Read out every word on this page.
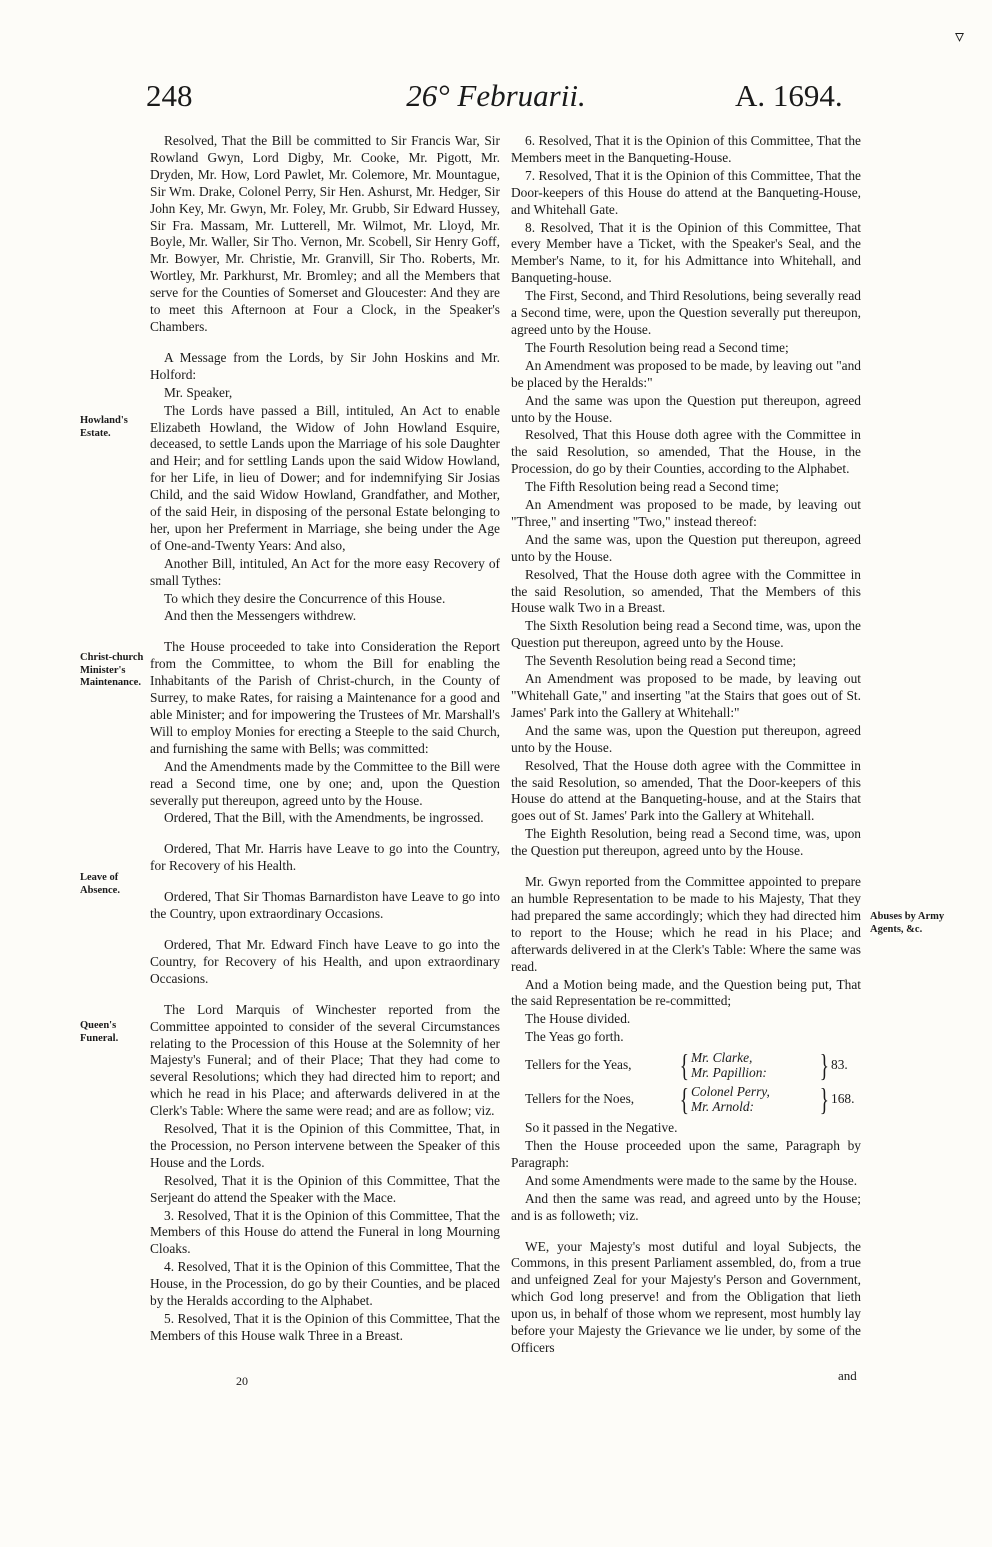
248	26° Februarii.	A. 1694.
▿
Howland's Estate.
Christ-church Minister's Maintenance.
Leave of Absence.
Queen's Funeral.
Abuses by Army Agents, &c.

Resolved, That the Bill be committed to Sir Francis War, Sir Rowland Gwyn, Lord Digby, Mr. Cooke, Mr. Pigott, Mr. Dryden, Mr. How, Lord Pawlet, Mr. Colemore, Mr. Mountague, Sir Wm. Drake, Colonel Perry, Sir Hen. Ashurst, Mr. Hedger, Sir John Key, Mr. Gwyn, Mr. Foley, Mr. Grubb, Sir Edward Hussey, Sir Fra. Massam, Mr. Lutterell, Mr. Wilmot, Mr. Lloyd, Mr. Boyle, Mr. Waller, Sir Tho. Vernon, Mr. Scobell, Sir Henry Goff, Mr. Bowyer, Mr. Christie, Mr. Granvill, Sir Tho. Roberts, Mr. Wortley, Mr. Parkhurst, Mr. Bromley; and all the Members that serve for the Counties of Somerset and Gloucester: And they are to meet this Afternoon at Four a Clock, in the Speaker's Chambers.

A Message from the Lords, by Sir John Hoskins and Mr. Holford:

Mr. Speaker,

The Lords have passed a Bill, intituled, An Act to enable Elizabeth Howland, the Widow of John Howland Esquire, deceased, to settle Lands upon the Marriage of his sole Daughter and Heir; and for settling Lands upon the said Widow Howland, for her Life, in lieu of Dower; and for indemnifying Sir Josias Child, and the said Widow Howland, Grandfather, and Mother, of the said Heir, in disposing of the personal Estate belonging to her, upon her Preferment in Marriage, she being under the Age of One-and-Twenty Years: And also,

Another Bill, intituled, An Act for the more easy Recovery of small Tythes:

To which they desire the Concurrence of this House.

And then the Messengers withdrew.

The House proceeded to take into Consideration the Report from the Committee, to whom the Bill for enabling the Inhabitants of the Parish of Christ-church, in the County of Surrey, to make Rates, for raising a Maintenance for a good and able Minister; and for impowering the Trustees of Mr. Marshall's Will to employ Monies for erecting a Steeple to the said Church, and furnishing the same with Bells; was committed:

And the Amendments made by the Committee to the Bill were read a Second time, one by one; and, upon the Question severally put thereupon, agreed unto by the House.

Ordered, That the Bill, with the Amendments, be ingrossed.

Ordered, That Mr. Harris have Leave to go into the Country, for Recovery of his Health.

Ordered, That Sir Thomas Barnardiston have Leave to go into the Country, upon extraordinary Occasions.

Ordered, That Mr. Edward Finch have Leave to go into the Country, for Recovery of his Health, and upon extraordinary Occasions.

The Lord Marquis of Winchester reported from the Committee appointed to consider of the several Circumstances relating to the Procession of this House at the Solemnity of her Majesty's Funeral; and of their Place; That they had come to several Resolutions; which they had directed him to report; and which he read in his Place; and afterwards delivered in at the Clerk's Table: Where the same were read; and are as follow; viz.

Resolved, That it is the Opinion of this Committee, That, in the Procession, no Person intervene between the Speaker of this House and the Lords.

Resolved, That it is the Opinion of this Committee, That the Serjeant do attend the Speaker with the Mace.

3. Resolved, That it is the Opinion of this Committee, That the Members of this House do attend the Funeral in long Mourning Cloaks.

4. Resolved, That it is the Opinion of this Committee, That the House, in the Procession, do go by their Counties, and be placed by the Heralds according to the Alphabet.

5. Resolved, That it is the Opinion of this Committee, That the Members of this House walk Three in a Breast.

6. Resolved, That it is the Opinion of this Committee, That the Members meet in the Banqueting-House.

7. Resolved, That it is the Opinion of this Committee, That the Door-keepers of this House do attend at the Banqueting-House, and Whitehall Gate.

8. Resolved, That it is the Opinion of this Committee, That every Member have a Ticket, with the Speaker's Seal, and the Member's Name, to it, for his Admittance into Whitehall, and Banqueting-house.

The First, Second, and Third Resolutions, being severally read a Second time, were, upon the Question severally put thereupon, agreed unto by the House.

The Fourth Resolution being read a Second time;

An Amendment was proposed to be made, by leaving out "and be placed by the Heralds:"

And the same was upon the Question put thereupon, agreed unto by the House.

Resolved, That this House doth agree with the Committee in the said Resolution, so amended, That the House, in the Procession, do go by their Counties, according to the Alphabet.

The Fifth Resolution being read a Second time;

An Amendment was proposed to be made, by leaving out "Three," and inserting "Two," instead thereof:

And the same was, upon the Question put thereupon, agreed unto by the House.

Resolved, That the House doth agree with the Committee in the said Resolution, so amended, That the Members of this House walk Two in a Breast.

The Sixth Resolution being read a Second time, was, upon the Question put thereupon, agreed unto by the House.

The Seventh Resolution being read a Second time;

An Amendment was proposed to be made, by leaving out "Whitehall Gate," and inserting "at the Stairs that goes out of St. James' Park into the Gallery at Whitehall:"

And the same was, upon the Question put thereupon, agreed unto by the House.

Resolved, That the House doth agree with the Committee in the said Resolution, so amended, That the Door-keepers of this House do attend at the Banqueting-house, and at the Stairs that goes out of St. James' Park into the Gallery at Whitehall.

The Eighth Resolution, being read a Second time, was, upon the Question put thereupon, agreed unto by the House.

Mr. Gwyn reported from the Committee appointed to prepare an humble Representation to be made to his Majesty, That they had prepared the same accordingly; which they had directed him to report to the House; which he read in his Place; and afterwards delivered in at the Clerk's Table: Where the same was read.

And a Motion being made, and the Question being put, That the said Representation be re-committed;

The House divided.

The Yeas go forth.

Tellers for the Yeas,	{ Mr. Clarke,
Mr. Papillion:	} 83.
Tellers for the Noes,	{ Colonel Perry,
Mr. Arnold:	} 168.

So it passed in the Negative.

Then the House proceeded upon the same, Paragraph by Paragraph:

And some Amendments were made to the same by the House.

And then the same was read, and agreed unto by the House; and is as followeth; viz.

WE, your Majesty's most dutiful and loyal Subjects, the Commons, in this present Parliament assembled, do, from a true and unfeigned Zeal for your Majesty's Person and Government, which God long preserve! and from the Obligation that lieth upon us, in behalf of those whom we represent, most humbly lay before your Majesty the Grievance we lie under, by some of the Officers

20	and
